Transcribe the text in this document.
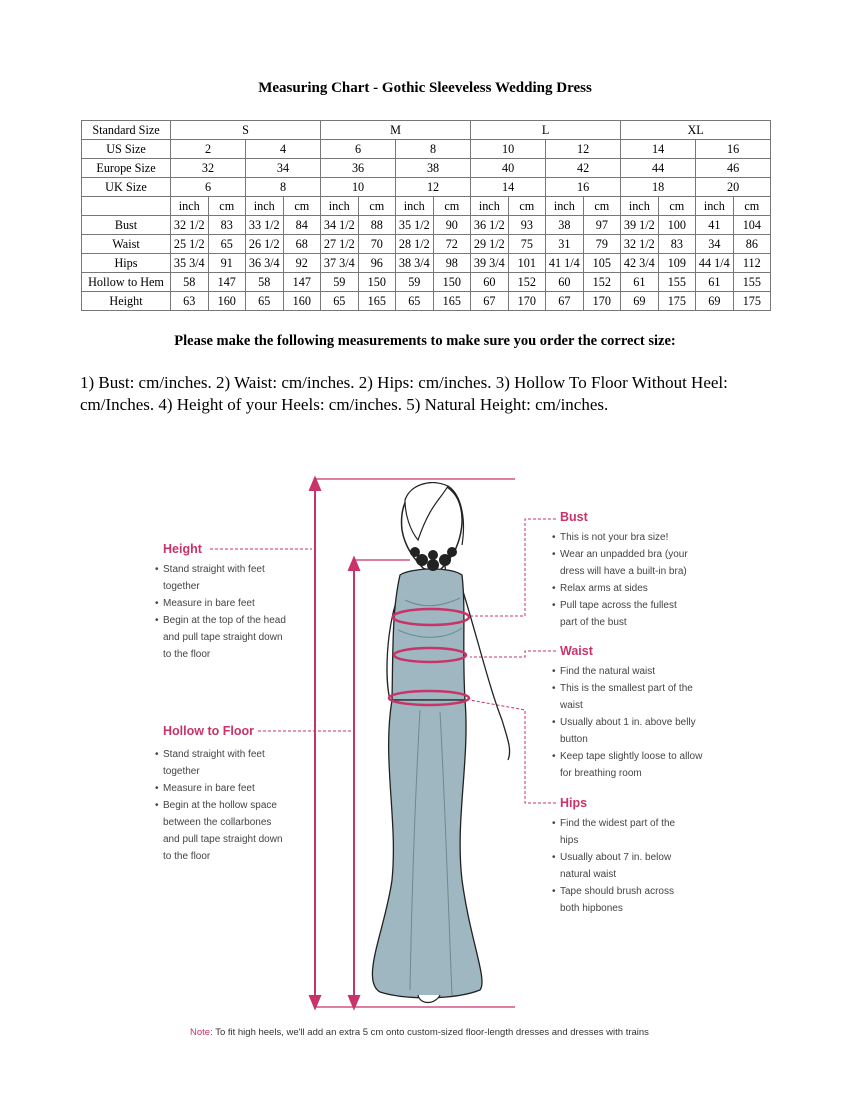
Measuring Chart - Gothic Sleeveless Wedding Dress
Standard Size	S				M				L				XL			
US Size	2		4		6		8		10		12		14		16	
Europe Size	32		34		36		38		40		42		44		46	
UK Size	6		8		10		12		14		16		18		20	
	inch	cm	inch	cm	inch	cm	inch	cm	inch	cm	inch	cm	inch	cm	inch	cm
Bust	32 1/2	83	33 1/2	84	34 1/2	88	35 1/2	90	36 1/2	93	38	97	39 1/2	100	41	104
Waist	25 1/2	65	26 1/2	68	27 1/2	70	28 1/2	72	29 1/2	75	31	79	32 1/2	83	34	86
Hips	35 3/4	91	36 3/4	92	37 3/4	96	38 3/4	98	39 3/4	101	41 1/4	105	42 3/4	109	44 1/4	112
Hollow to Hem	58	147	58	147	59	150	59	150	60	152	60	152	61	155	61	155
Height	63	160	65	160	65	165	65	165	67	170	67	170	69	175	69	175
Please make the following measurements to make sure you order the correct size:
1) Bust: cm/inches. 2) Waist: cm/inches. 2) Hips: cm/inches. 3) Hollow To Floor Without Heel: cm/Inches. 4) Height of your Heels: cm/inches. 5) Natural Height: cm/inches.
Height
• Stand straight with feet
together
• Measure in bare feet
• Begin at the top of the head
and pull tape straight down
to the floor
Hollow to Floor
• Stand straight with feet
together
• Measure in bare feet
• Begin at the hollow space
between the collarbones
and pull tape straight down
to the floor
Bust
• This is not your bra size!
• Wear an unpadded bra (your
dress will have a built-in bra)
• Relax arms at sides
• Pull tape across the fullest
part of the bust
Waist
• Find the natural waist
• This is the smallest part of the
waist
• Usually about 1 in. above belly
button
• Keep tape slightly loose to allow
for breathing room
Hips
• Find the widest part of the
hips
• Usually about 7 in. below
natural waist
• Tape should brush across
both hipbones
Note: To fit high heels, we'll add an extra 5 cm onto custom-sized floor-length dresses and dresses with trains
